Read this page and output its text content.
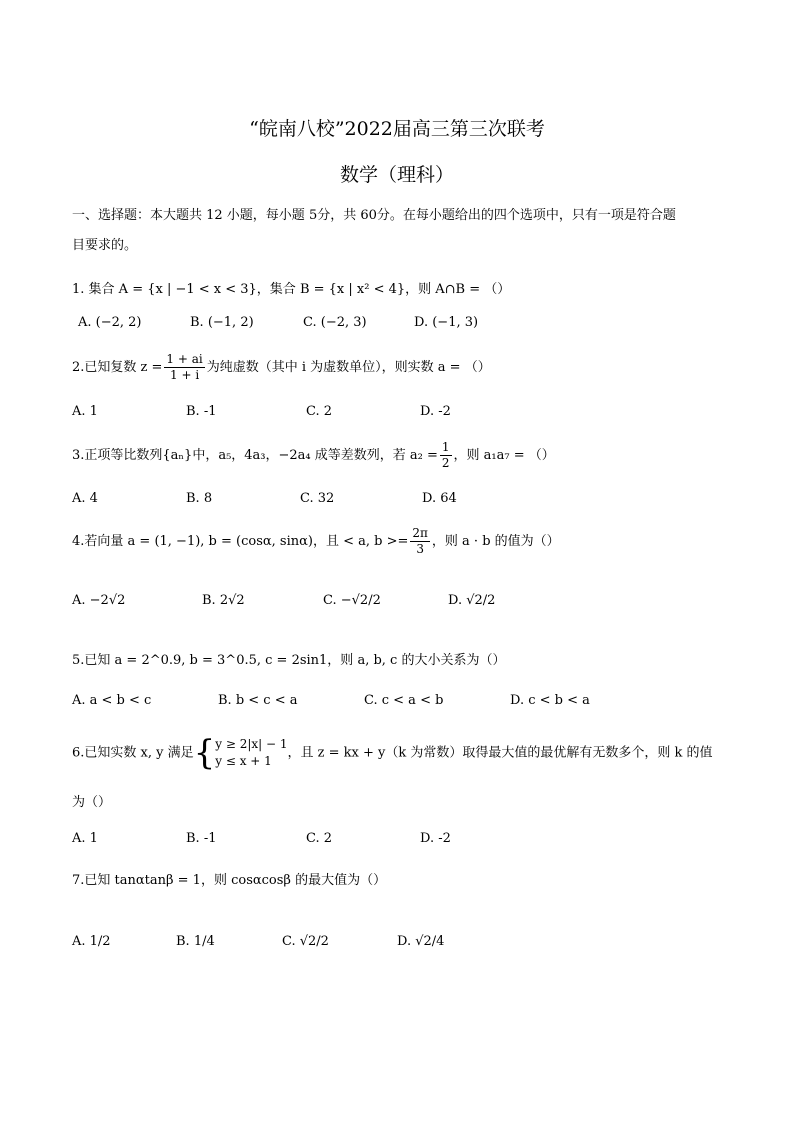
“皖南八校”2022届高三第三次联考
数学（理科）
一、选择题：本大题共 12 小题，每小题 5分，共 60分。在每小题给出的四个选项中，只有一项是符合题
目要求的。
1. 集合 A = {x | −1 < x < 3}，集合 B = {x | x² < 4}，则 A∩B = （）
A. (−2, 2)	B. (−1, 2)	C. (−2, 3)	D. (−1, 3)
2.已知复数 $z = \frac{1 + ai}{1 + i}$ 为纯虚数（其中 i 为虚数单位），则实数 a = （）
A. 1	B. -1	C. 2	D. -2
3.正项等比数列{aₙ}中，a₅，4a₃，−2a₄ 成等差数列，若 $a_2 = \frac{1}{2}$ ，则 a₁a₇ = （）
A. 4	B. 8	C. 32	D. 64
4.若向量 a = (1, −1), b = (cosα, sinα)，且 < a, $b >= \frac{2\pi}{3}$ ，则 a · b 的值为（）
A. −2√2	B. 2√2	C. −√2/2	D. √2/2
5.已知 a = 2^0.9, b = 3^0.5, c = 2sin1，则 a, b, c 的大小关系为（）
A. a < b < c	B. b < c < a	C. c < a < b	D. c < b < a
6.已知实数 x, y 满足{ y ≥ 2|x| − 1
y ≤ x + 1
，且 z = kx + y（k 为常数）取得最大值的最优解有无数多个，则 k 的值
为（）
A. 1	B. -1	C. 2	D. -2
7.已知 tanαtanβ = 1，则 cosαcosβ 的最大值为（）
A. 1/2	B. 1/4	C. √2/2	D. √2/4
